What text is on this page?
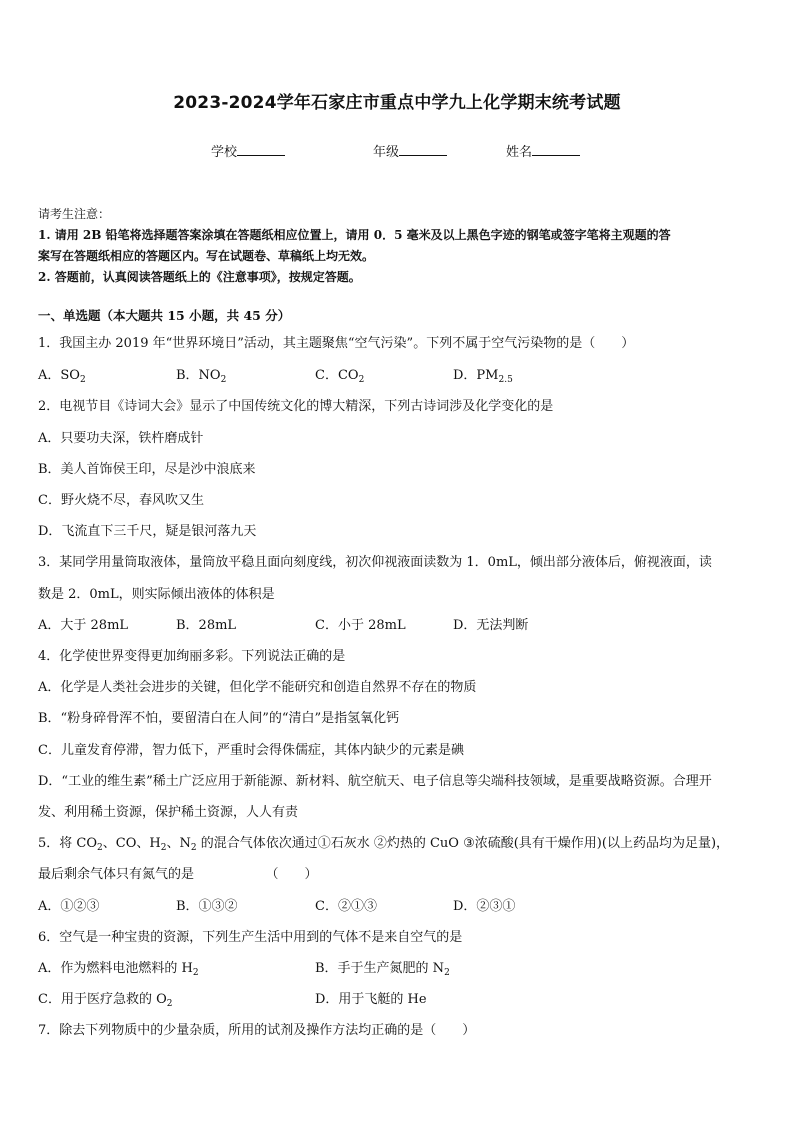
2023-2024学年石家庄市重点中学九上化学期末统考试题
学校	年级	姓名
请考生注意：
1. 请用 2B 铅笔将选择题答案涂填在答题纸相应位置上，请用 0．5 毫米及以上黑色字迹的钢笔或签字笔将主观题的答
案写在答题纸相应的答题区内。写在试题卷、草稿纸上均无效。
2. 答题前，认真阅读答题纸上的《注意事项》，按规定答题。
一、单选题（本大题共 15 小题，共 45 分）
1．我国主办 2019 年“世界环境日”活动，其主题聚焦“空气污染”。下列不属于空气污染物的是（　　）
A．$SO_2$	B．$NO_2$	C．$CO_2$	D．$PM_{2.5}$
2．电视节目《诗词大会》显示了中国传统文化的博大精深，下列古诗词涉及化学变化的是
A．只要功夫深，铁杵磨成针
B．美人首饰侯王印，尽是沙中浪底来
C．野火烧不尽，春风吹又生
D．飞流直下三千尺，疑是银河落九天
3．某同学用量筒取液体，量筒放平稳且面向刻度线，初次仰视液面读数为 1．0mL，倾出部分液体后，俯视液面，读
数是 2．0mL，则实际倾出液体的体积是
A．大于 28mL	B．28mL	C．小于 28mL	D．无法判断
4．化学使世界变得更加绚丽多彩。下列说法正确的是
A．化学是人类社会进步的关键，但化学不能研究和创造自然界不存在的物质
B．“粉身碎骨浑不怕，要留清白在人间”的“清白”是指氢氧化钙
C．儿童发育停滞，智力低下，严重时会得侏儒症，其体内缺少的元素是碘
D．“工业的维生素”稀土广泛应用于新能源、新材料、航空航天、电子信息等尖端科技领域，是重要战略资源。合理开
发、利用稀土资源，保护稀土资源，人人有责
5．将 $CO_2$、CO、$H_2$、$N_2$ 的混合气体依次通过①石灰水 ②灼热的 CuO ③浓硫酸(具有干燥作用)(以上药品均为足量)，
最后剩余气体只有氮气的是　　　　　　（　　）
A．①②③	B．①③②	C．②①③	D．②③①
6．空气是一种宝贵的资源，下列生产生活中用到的气体不是来自空气的是
A．作为燃料电池燃料的 $H_2$	B．手于生产氮肥的 $N_2$
C．用于医疗急救的 $O_2$	D．用于飞艇的 He
7．除去下列物质中的少量杂质，所用的试剂及操作方法均正确的是（　　）
